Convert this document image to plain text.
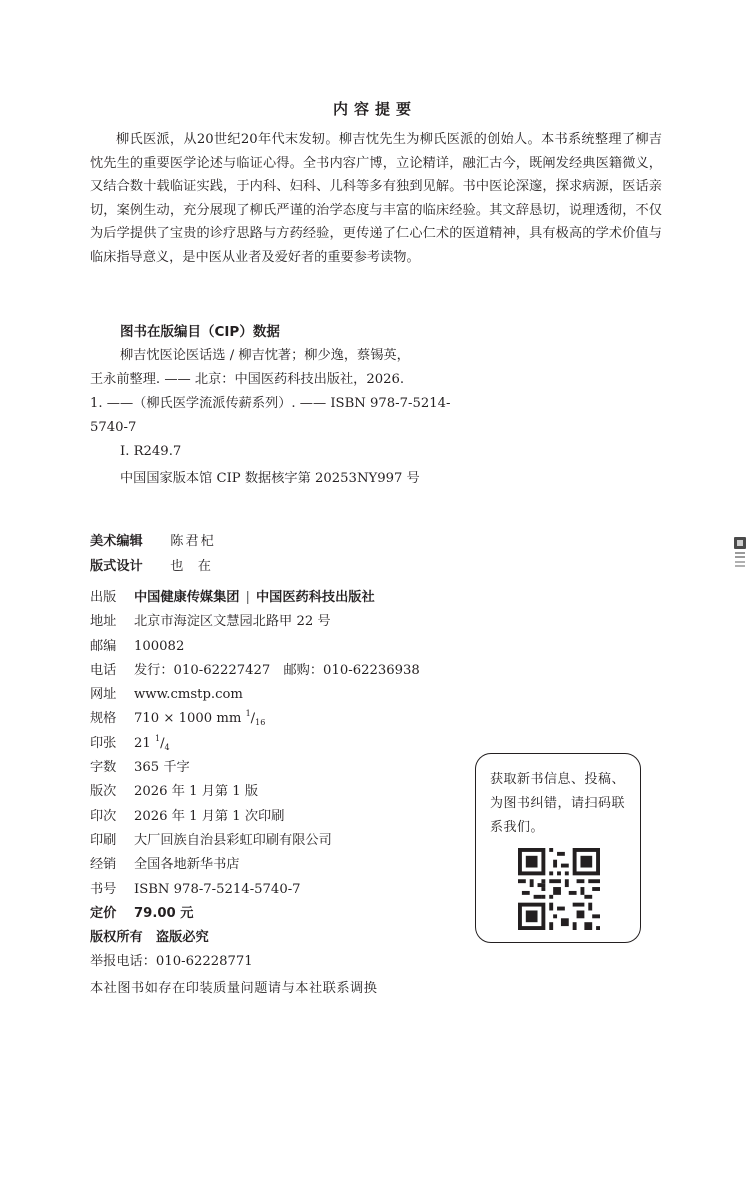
内容提要

柳氏医派，从20世纪20年代末发轫。柳吉忱先生为柳氏医派的创始人。本书系统整理了柳吉忱先生的重要医学论述与临证心得。全书内容广博，立论精详，融汇古今，既阐发经典医籍微义，又结合数十载临证实践，于内科、妇科、儿科等多有独到见解。书中医论深邃，探求病源，医话亲切，案例生动，充分展现了柳氏严谨的治学态度与丰富的临床经验。其文辞恳切，说理透彻，不仅为后学提供了宝贵的诊疗思路与方药经验，更传递了仁心仁术的医道精神，具有极高的学术价值与临床指导意义，是中医从业者及爱好者的重要参考读物。

图书在版编目（CIP）数据
柳吉忱医论医话选 / 柳吉忱著；柳少逸，蔡锡英，
王永前整理. —— 北京：中国医药科技出版社，2026.
1. ——（柳氏医学流派传薪系列）. —— ISBN 978-7-5214-
5740-7
Ⅰ. R249.7
中国国家版本馆 CIP 数据核字第 20253NY997 号
美术编辑 陈君杞
版式设计 也  在
出版 中国健康传媒集团 | 中国医药科技出版社
地址 北京市海淀区文慧园北路甲 22 号
邮编 100082
电话 发行：010-62227427　邮购：010-62236938
网址 www.cmstp.com
规格 710 × 1000 mm $^1/_{16}$
印张 21 $^1/_4$
字数 365 千字
版次 2026 年 1 月第 1 版
印次 2026 年 1 月第 1 次印刷
印刷 大厂回族自治县彩虹印刷有限公司
经销 全国各地新华书店
书号 ISBN 978-7-5214-5740-7
定价 79.00 元
版权所有　盗版必究
举报电话：010-62228771
本社图书如存在印装质量问题请与本社联系调换
获取新书信息、投稿、为图书纠错，请扫码联系我们。
